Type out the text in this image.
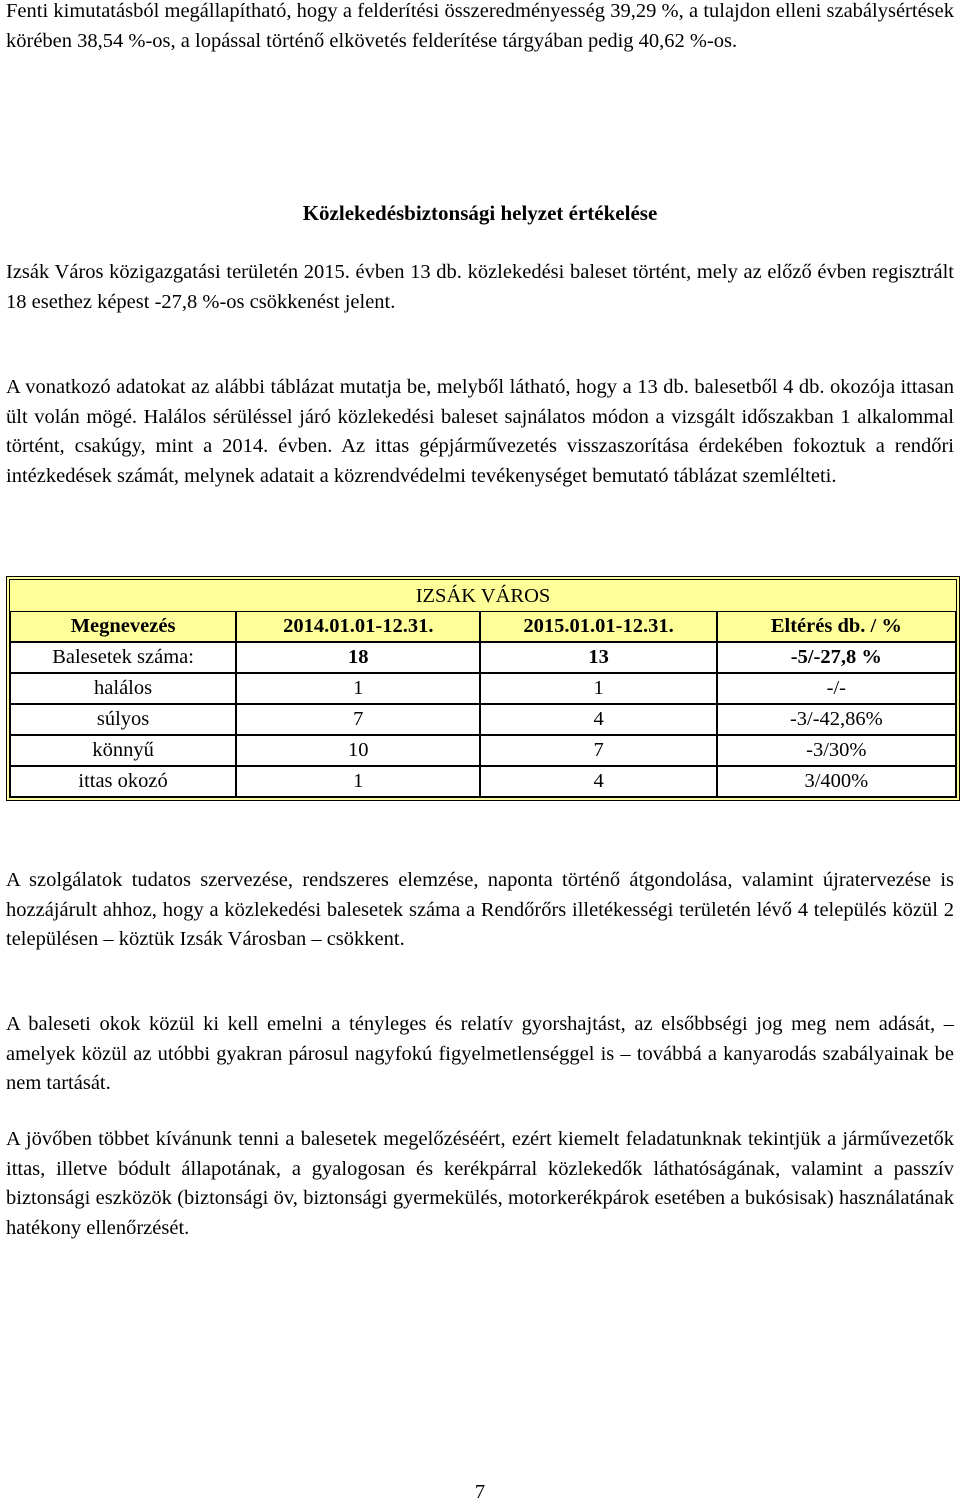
Fenti kimutatásból megállapítható, hogy a felderítési összeredményesség 39,29 %, a tulajdon elleni szabálysértések körében 38,54 %-os, a lopással történő elkövetés felderítése tárgyában pedig 40,62 %-os.

Közlekedésbiztonsági helyzet értékelése

Izsák Város közigazgatási területén 2015. évben 13 db. közlekedési baleset történt, mely az előző évben regisztrált 18 esethez képest -27,8 %-os csökkenést jelent.

A vonatkozó adatokat az alábbi táblázat mutatja be, melyből látható, hogy a 13 db. balesetből 4 db. okozója ittasan ült volán mögé. Halálos sérüléssel járó közlekedési baleset sajnálatos módon a vizsgált időszakban 1 alkalommal történt, csakúgy, mint a 2014. évben. Az ittas gépjárművezetés visszaszorítása érdekében fokoztuk a rendőri intézkedések számát, melynek adatait a közrendvédelmi tevékenységet bemutató táblázat szemlélteti.

IZSÁK VÁROS			
Megnevezés	2014.01.01-12.31.	2015.01.01-12.31.	Eltérés db. / %
Balesetek száma:	18	13	-5/-27,8 %
halálos	1	1	-/-
súlyos	7	4	-3/-42,86%
könnyű	10	7	-3/30%
ittas okozó	1	4	3/400%

A szolgálatok tudatos szervezése, rendszeres elemzése, naponta történő átgondolása, valamint újratervezése is hozzájárult ahhoz, hogy a közlekedési balesetek száma a Rendőrőrs illetékességi területén lévő 4 település közül 2 településen – köztük Izsák Városban – csökkent.

A baleseti okok közül ki kell emelni a tényleges és relatív gyorshajtást, az elsőbbségi jog meg nem adását, – amelyek közül az utóbbi gyakran párosul nagyfokú figyelmetlenséggel is – továbbá a kanyarodás szabályainak be nem tartását.

A jövőben többet kívánunk tenni a balesetek megelőzéséért, ezért kiemelt feladatunknak tekintjük a járművezetők ittas, illetve bódult állapotának, a gyalogosan és kerékpárral közlekedők láthatóságának, valamint a passzív biztonsági eszközök (biztonsági öv, biztonsági gyermekülés, motorkerékpárok esetében a bukósisak) használatának hatékony ellenőrzését.

7
